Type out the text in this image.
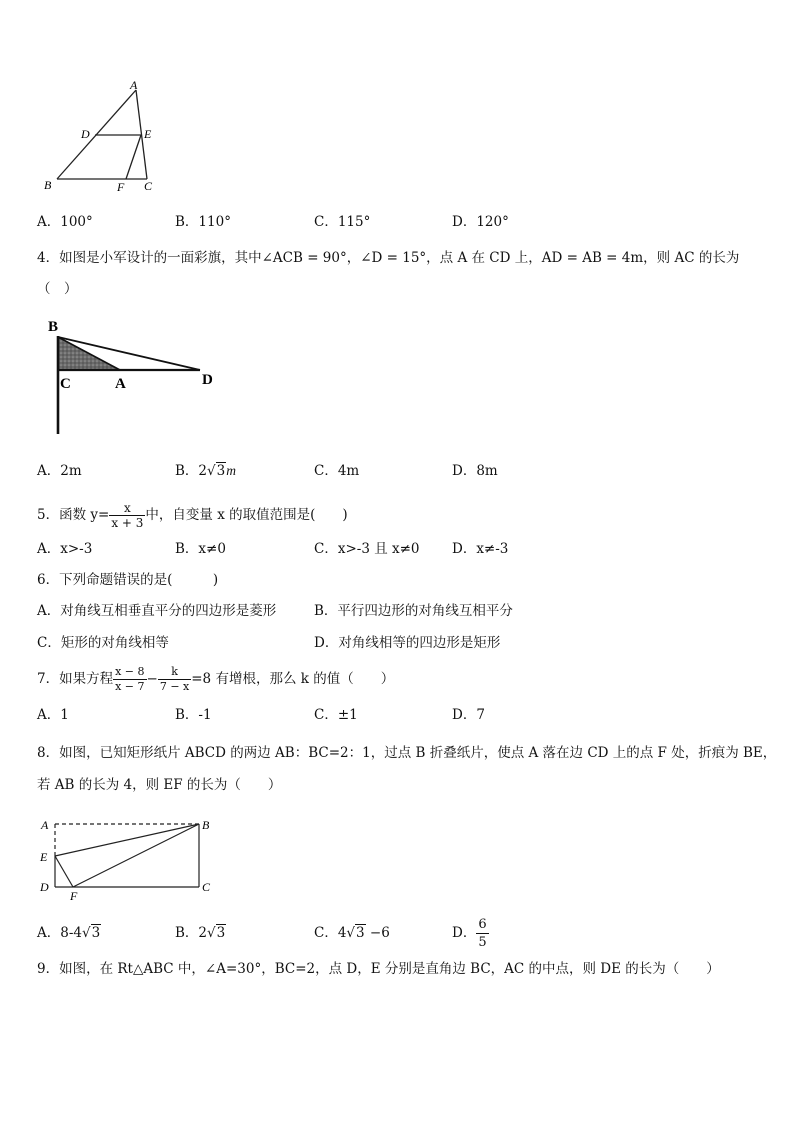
A
D	E
B	F C
A．100°	B．110°	C．115°	D．120°
4．如图是小军设计的一面彩旗，其中∠ACB = 90°，∠D = 15°，点 A 在 CD 上，AD = AB = 4m，则 AC 的长为
（　）
B
C	A	D
A．2m	B．2√3m	C．4m	D．8m
5．函数 $y= \frac{x}{x + 3}$ 中，自变量 x 的取值范围是(　　)
A．x>-3	B．x≠0	C．x>-3 且 x≠0 D．x≠-3
6．下列命题错误的是(　　　)
A．对角线互相垂直平分的四边形是菱形	B．平行四边形的对角线互相平分
C．矩形的对角线相等	D．对角线相等的四边形是矩形
7．如果方程 $\frac{x - 8}{x - 7} - \frac{k}{7 - x} =8$ 有增根，那么 k 的值（　　）
A．1	B．-1	C．±1	D．7
8．如图，已知矩形纸片 ABCD 的两边 AB：BC=2：1，过点 B 折叠纸片，使点 A 落在边 CD 上的点 F 处，折痕为 BE，
若 AB 的长为 4，则 EF 的长为（　　）
A	B
E
D
F
C
A．8-4√3	B．2√3	C．4√3 −6	D． $\frac{6}{5}$
9．如图，在 Rt△ABC 中，∠A=30°，BC=2，点 D，E 分别是直角边 BC，AC 的中点，则 DE 的长为（　　）
